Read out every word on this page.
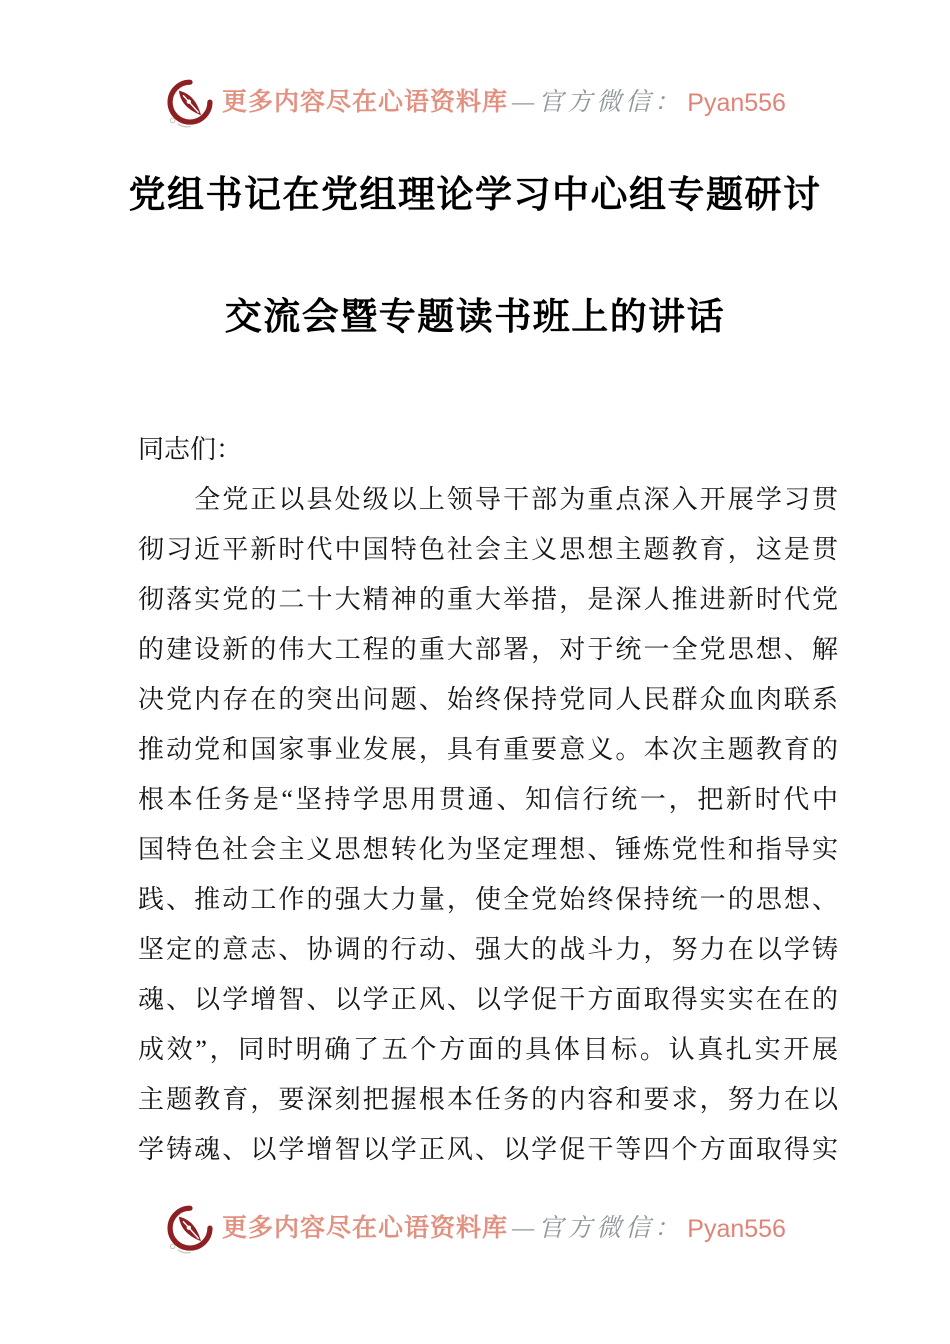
更多内容尽在心语资料库 —官方微信： Pyan556
党组书记在党组理论学习中心组专题研讨
交流会暨专题读书班上的讲话
同志们：
　　全党正以县处级以上领导干部为重点深入开展学习贯
彻习近平新时代中国特色社会主义思想主题教育，这是贯
彻落实党的二十大精神的重大举措，是深人推进新时代党
的建设新的伟大工程的重大部署，对于统一全党思想、解
决党内存在的突出问题、始终保持党同人民群众血肉联系
推动党和国家事业发展，具有重要意义。本次主题教育的
根本任务是“坚持学思用贯通、知信行统一，把新时代中
国特色社会主义思想转化为坚定理想、锤炼党性和指导实
践、推动工作的强大力量，使全党始终保持统一的思想、
坚定的意志、协调的行动、强大的战斗力，努力在以学铸
魂、以学增智、以学正风、以学促干方面取得实实在在的
成效”，同时明确了五个方面的具体目标。认真扎实开展
主题教育，要深刻把握根本任务的内容和要求，努力在以
学铸魂、以学增智以学正风、以学促干等四个方面取得实
更多内容尽在心语资料库 —官方微信： Pyan556
